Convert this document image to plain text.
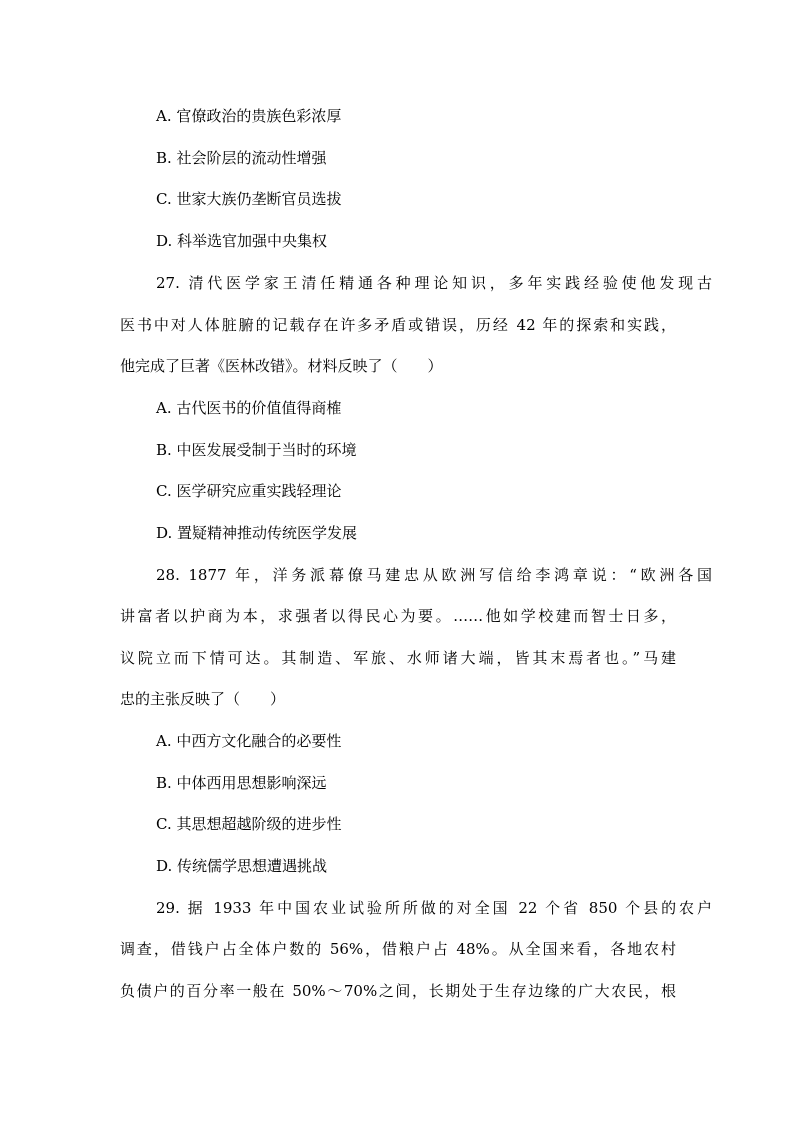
A. 官僚政治的贵族色彩浓厚
B. 社会阶层的流动性增强
C. 世家大族仍垄断官员选拔
D. 科举选官加强中央集权
27. 清代医学家王清任精通各种理论知识，多年实践经验使他发现古
医书中对人体脏腑的记载存在许多矛盾或错误，历经 42 年的探索和实践，
他完成了巨著《医林改错》。材料反映了（　　）
A. 古代医书的价值值得商榷
B. 中医发展受制于当时的环境
C. 医学研究应重实践轻理论
D. 置疑精神推动传统医学发展
28. 1877 年，洋务派幕僚马建忠从欧洲写信给李鸿章说：“欧洲各国
讲富者以护商为本，求强者以得民心为要。……他如学校建而智士日多，
议院立而下情可达。其制造、军旅、水师诸大端，皆其末焉者也。”马建
忠的主张反映了（　　）
A. 中西方文化融合的必要性
B. 中体西用思想影响深远
C. 其思想超越阶级的进步性
D. 传统儒学思想遭遇挑战
29. 据 1933 年中国农业试验所所做的对全国 22 个省 850 个县的农户
调查，借钱户占全体户数的 56%，借粮户占 48%。从全国来看，各地农村
负债户的百分率一般在 50%～70%之间，长期处于生存边缘的广大农民，根
